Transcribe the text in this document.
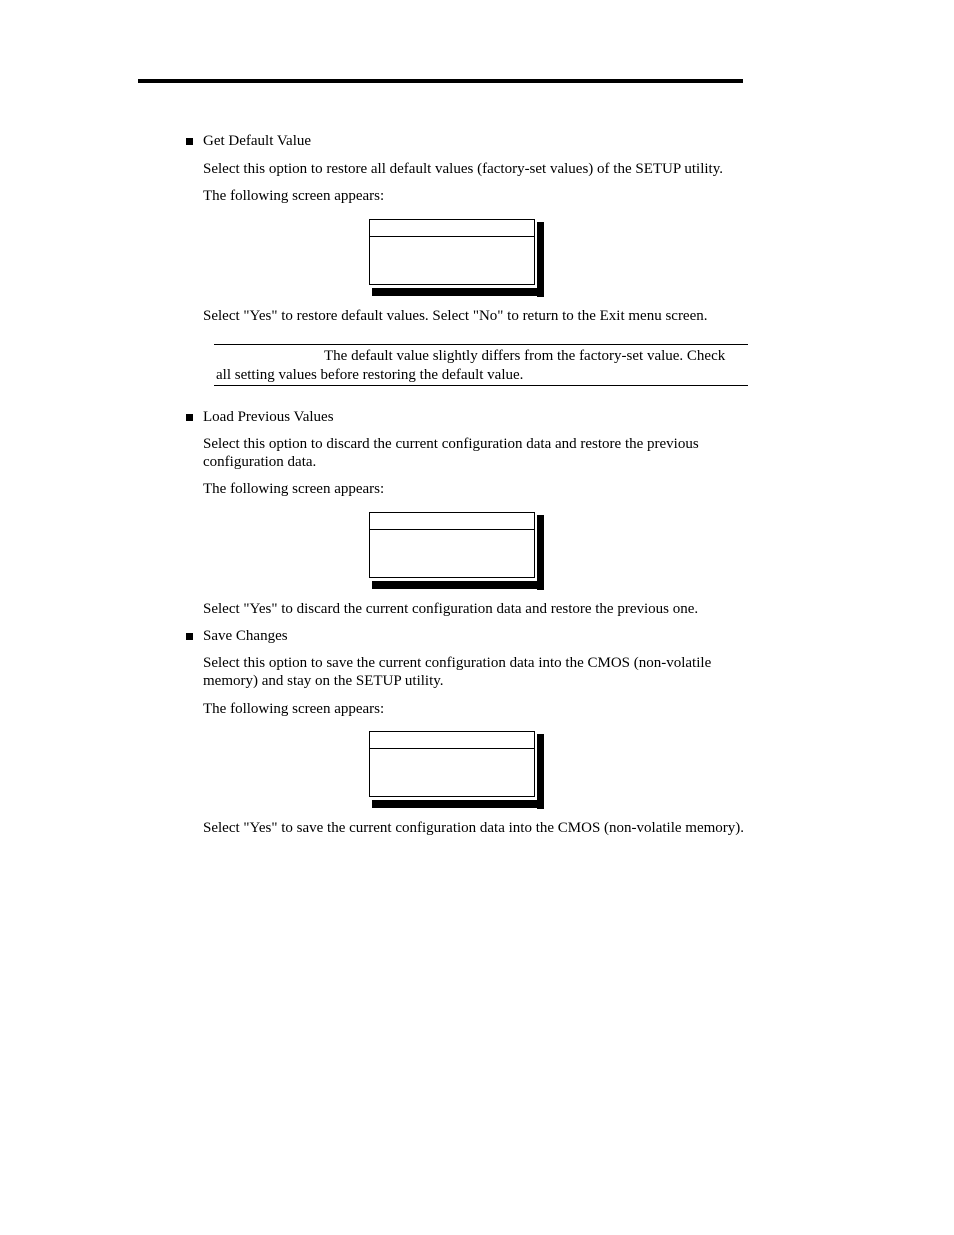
Get Default Value
Select this option to restore all default values (factory-set values) of the SETUP utility.
The following screen appears:
Select "Yes" to restore default values. Select "No" to return to the Exit menu screen.
The default value slightly differs from the factory-set value. Check
all setting values before restoring the default value.
Load Previous Values
Select this option to discard the current configuration data and restore the previous
configuration data.
The following screen appears:
Select "Yes" to discard the current configuration data and restore the previous one.
Save Changes
Select this option to save the current configuration data into the CMOS (non-volatile
memory) and stay on the SETUP utility.
The following screen appears:
Select "Yes" to save the current configuration data into the CMOS (non-volatile memory).
